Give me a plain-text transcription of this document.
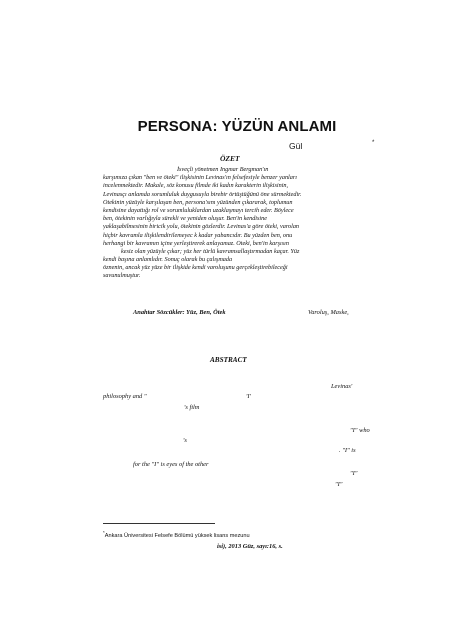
PERSONA: YÜZÜN ANLAMI
Gül	*
ÖZET
İsveçli yönetmen Ingmar Bergman'ın
karşımıza çıkan "ben ve öteki" ilişkisinin Levinas'ın felsefesiyle benzer yanları
incelenmektedir. Makale, söz konusu filmde iki kadın karakterin ilişkisinin,
Levinasçı anlamda sorumluluk duygusuyla birebir örtüştüğünü öne sürmektedir.
Ötekinin yüzüyle karşılaşan ben, persona'sını yüzünden çıkararak, toplumun
kendisine dayattığı rol ve sorumluluklardan uzaklaşmayı tercih eder. Böylece
ben, ötekinin varlığıyla sürekli ve yeniden oluşur. Ben'in kendisine
yaklaşabilmesinin biricik yolu, ötekinin gözlerdir. Levinas'a göre öteki, varolan
hiçbir kavramla ilişkilendirilemeyec k kadar yabancıdır. Bu yüzden ben, onu
herhangi bir kavramın içine yerleştirerek anlayamaz. Öteki, ben'in karşısın
kesiz olan yüzüyle çıkar; yüz her türlü kavramsallaştırmadan kaçar. Yüz
kendi başına anlamlıdır. Sonuç olarak bu çalışmada
öznenin, ancak yüz yüze bir ilişkide kendi varoluşunu gerçekleştirebileceği
savunulmuştur.
Anahtar Sözcükler: Yüz, Ben, Ötek	Varoluş, Maske,
ABSTRACT
Levinas'
philosophy and "	'I'
's film
"I" who
's
. "I" is
for the "I" is eyes of the other
"I"
"I"
*Ankara Üniversitesi Felsefe Bölümü yüksek lisans mezunu
isi), 2013 Güz, sayı:16, s.
